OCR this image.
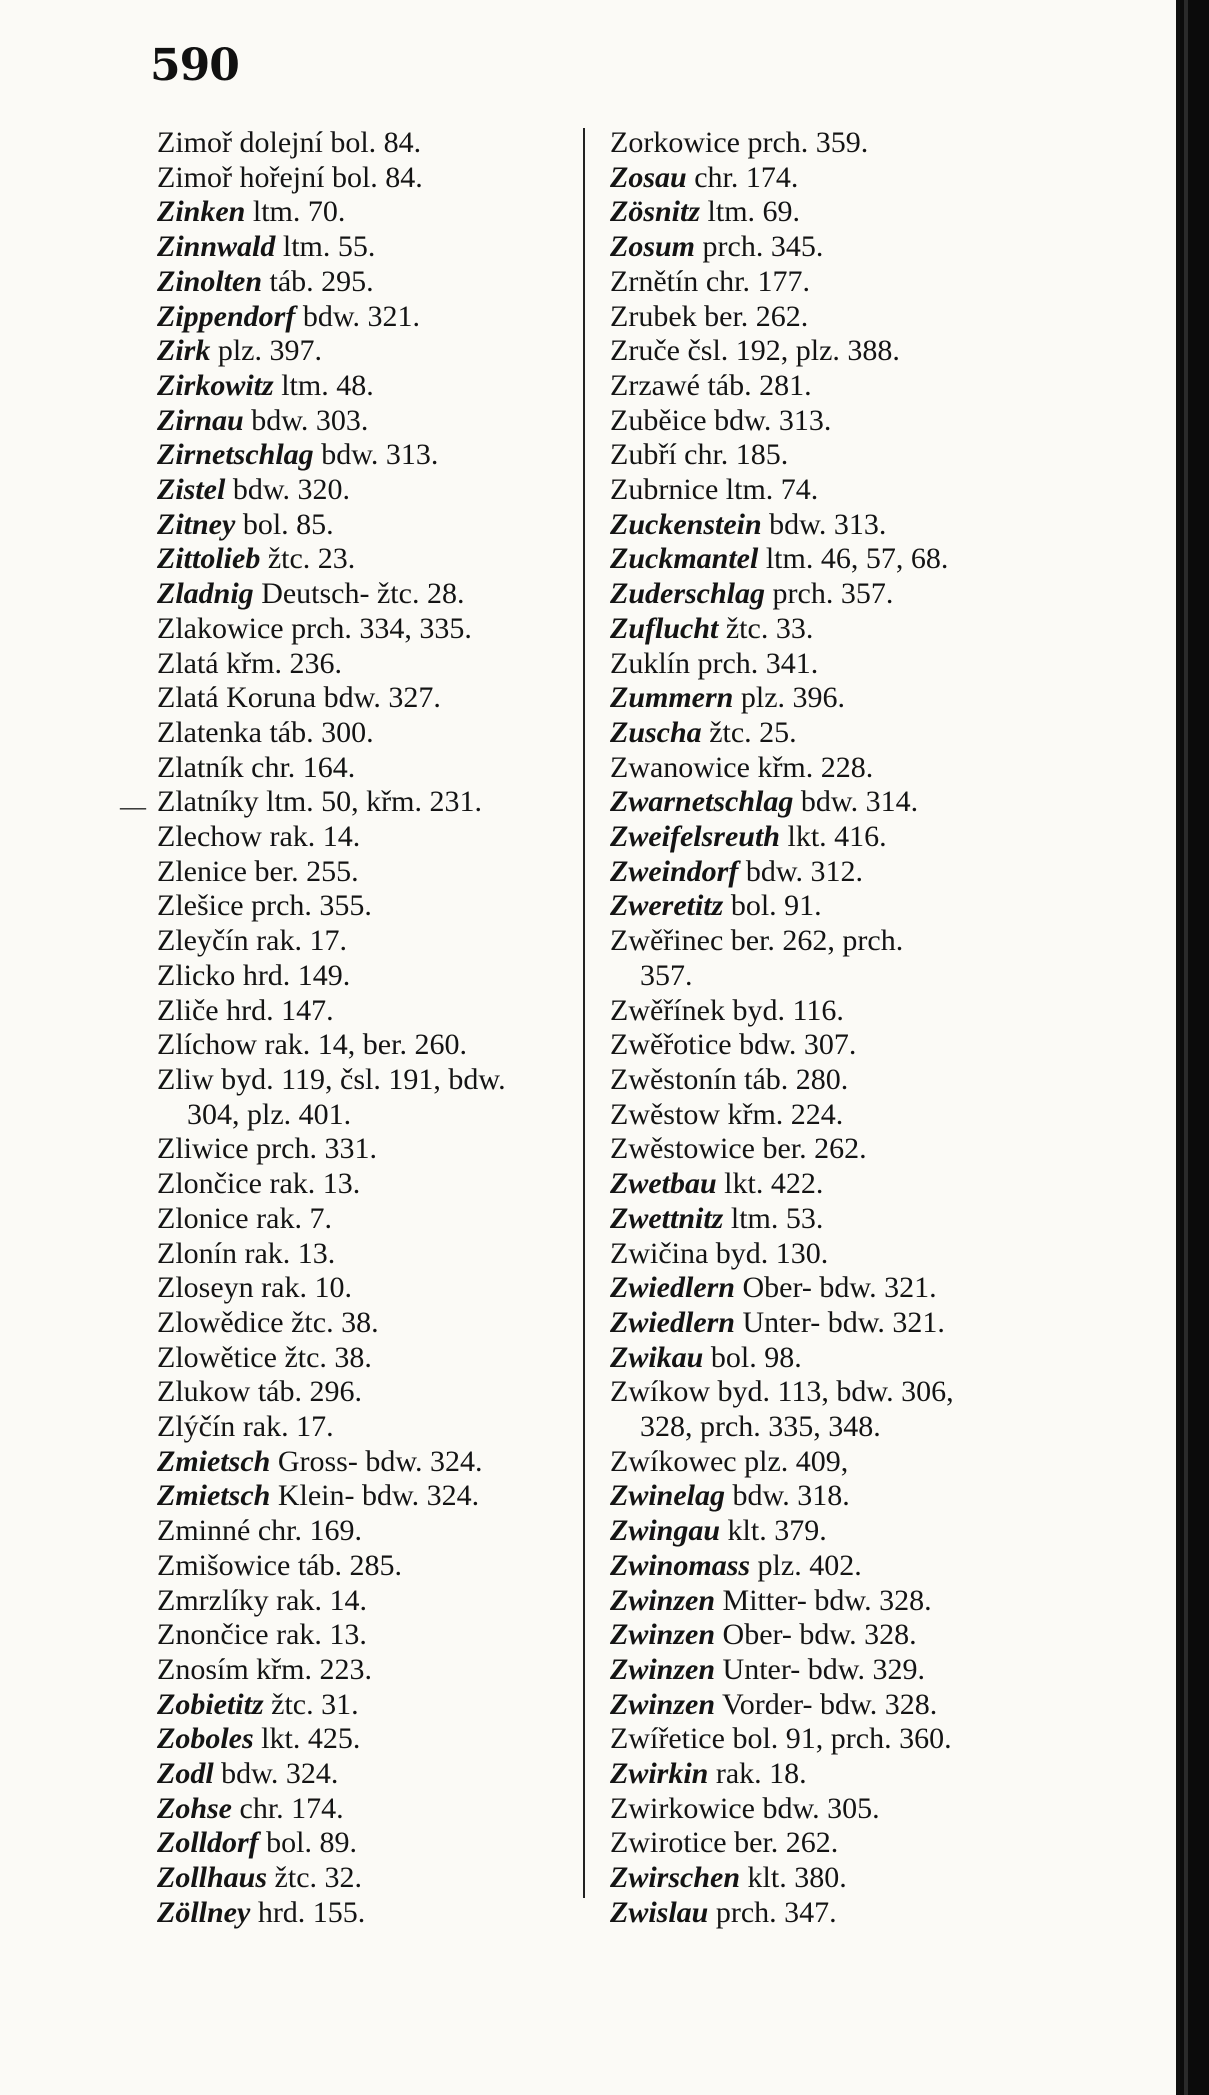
590
Zimoř dolejní bol. 84.
Zimoř hořejní bol. 84.
Zinken ltm. 70.
Zinnwald ltm. 55.
Zinolten táb. 295.
Zippendorf bdw. 321.
Zirk plz. 397.
Zirkowitz ltm. 48.
Zirnau bdw. 303.
Zirnetschlag bdw. 313.
Zistel bdw. 320.
Zitney bol. 85.
Zittolieb žtc. 23.
Zladnig Deutsch- žtc. 28.
Zlakowice prch. 334, 335.
Zlatá křm. 236.
Zlatá Koruna bdw. 327.
Zlatenka táb. 300.
Zlatník chr. 164.
Zlatníky ltm. 50, křm. 231.
Zlechow rak. 14.
Zlenice ber. 255.
Zlešice prch. 355.
Zleyčín rak. 17.
Zlicko hrd. 149.
Zliče hrd. 147.
Zlíchow rak. 14, ber. 260.
Zliw byd. 119, čsl. 191, bdw.
304, plz. 401.
Zliwice prch. 331.
Zlončice rak. 13.
Zlonice rak. 7.
Zlonín rak. 13.
Zloseyn rak. 10.
Zlowědice žtc. 38.
Zlowětice žtc. 38.
Zlukow táb. 296.
Zlýčín rak. 17.
Zmietsch Gross- bdw. 324.
Zmietsch Klein- bdw. 324.
Zminné chr. 169.
Zmišowice táb. 285.
Zmrzlíky rak. 14.
Znončice rak. 13.
Znosím křm. 223.
Zobietitz žtc. 31.
Zoboles lkt. 425.
Zodl bdw. 324.
Zohse chr. 174.
Zolldorf bol. 89.
Zollhaus žtc. 32.
Zöllney hrd. 155.
Zorkowice prch. 359.
Zosau chr. 174.
Zösnitz ltm. 69.
Zosum prch. 345.
Zrnětín chr. 177.
Zrubek ber. 262.
Zruče čsl. 192, plz. 388.
Zrzawé táb. 281.
Zuběice bdw. 313.
Zubří chr. 185.
Zubrnice ltm. 74.
Zuckenstein bdw. 313.
Zuckmantel ltm. 46, 57, 68.
Zuderschlag prch. 357.
Zuflucht žtc. 33.
Zuklín prch. 341.
Zummern plz. 396.
Zuscha žtc. 25.
Zwanowice křm. 228.
Zwarnetschlag bdw. 314.
Zweifelsreuth lkt. 416.
Zweindorf bdw. 312.
Zweretitz bol. 91.
Zwěřinec ber. 262, prch.
357.
Zwěřínek byd. 116.
Zwěřotice bdw. 307.
Zwěstonín táb. 280.
Zwěstow křm. 224.
Zwěstowice ber. 262.
Zwetbau lkt. 422.
Zwettnitz ltm. 53.
Zwičina byd. 130.
Zwiedlern Ober- bdw. 321.
Zwiedlern Unter- bdw. 321.
Zwikau bol. 98.
Zwíkow byd. 113, bdw. 306,
328, prch. 335, 348.
Zwíkowec plz. 409,
Zwinelag bdw. 318.
Zwingau klt. 379.
Zwinomass plz. 402.
Zwinzen Mitter- bdw. 328.
Zwinzen Ober- bdw. 328.
Zwinzen Unter- bdw. 329.
Zwinzen Vorder- bdw. 328.
Zwířetice bol. 91, prch. 360.
Zwirkin rak. 18.
Zwirkowice bdw. 305.
Zwirotice ber. 262.
Zwirschen klt. 380.
Zwislau prch. 347.
—
